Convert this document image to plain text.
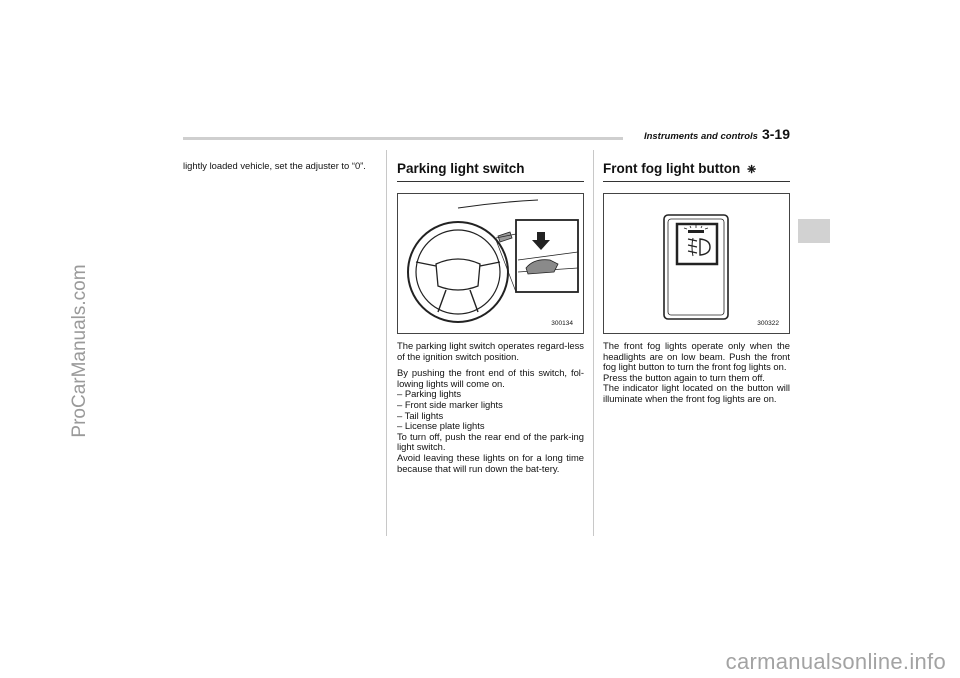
ProCarManuals.com
carmanualsonline.info
Instruments and controls 3-19

lightly loaded vehicle, set the adjuster to “0”.	Parking light switch
300134

The parking light switch operates regard-less of the ignition switch position.

By pushing the front end of this switch, fol-lowing lights will come on.

– Parking lights
– Front side marker lights
– Tail lights
– License plate lights

To turn off, push the rear end of the park-ing light switch.

Avoid leaving these lights on for a long time because that will run down the bat-tery.

Front fog light button ❈
300322

The front fog lights operate only when the headlights are on low beam. Push the front fog light button to turn the front fog lights on.

Press the button again to turn them off.

The indicator light located on the button will illuminate when the front fog lights are on.
